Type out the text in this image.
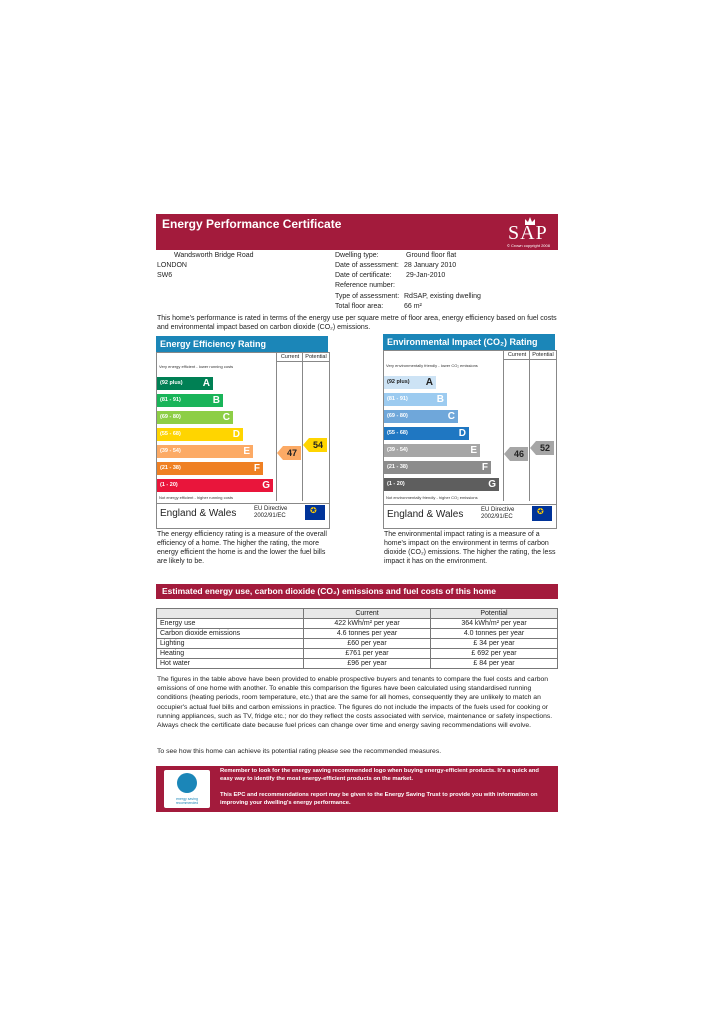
Energy Performance Certificate	SAP
© Crown copyright 2008
Wandsworth Bridge Road
LONDON
SW6
Dwelling type:	Ground floor flat
Date of assessment: 28 January 2010
Date of certificate: 29-Jan-2010
Reference number:
Type of assessment: RdSAP, existing dwelling
Total floor area:	66 m²
This home's performance is rated in terms of the energy use per square metre of floor area, energy efficiency based on fuel costs and environmental impact based on carbon dioxide (CO₂) emissions.
Energy Efficiency Rating
Current	Potential
Very energy efficient - lower running costs
(92 plus) A
(81 - 91)	B
(69 - 80)	C
(55 - 68)	D
(39 - 54)	E
(21 - 38)	F
(1 - 20)	G
Not energy efficient - higher running costs
47
54
England & Wales	EU Directive 2002/91/EC
✪
The energy efficiency rating is a measure of the overall efficiency of a home. The higher the rating, the more energy efficient the home is and the lower the fuel bills are likely to be.
Environmental Impact (CO₂) Rating
Current	Potential
Very environmentally friendly - lower CO₂ emissions
(92 plus) A
(81 - 91)	B
(69 - 80)	C
(55 - 68)	D
(39 - 54)	E
(21 - 38)	F
(1 - 20)	G
Not environmentally friendly - higher CO₂ emissions
46
52
England & Wales	EU Directive 2002/91/EC
✪
The environmental impact rating is a measure of a home's impact on the environment in terms of carbon dioxide (CO₂) emissions. The higher the rating, the less impact it has on the environment.
Estimated energy use, carbon dioxide (CO₂) emissions and fuel costs of this home
	Current	Potential
Energy use	422 kWh/m² per year	364 kWh/m² per year
Carbon dioxide emissions	4.6 tonnes per year	4.0 tonnes per year
Lighting	£60 per year	£ 34 per year
Heating	£761 per year	£ 692 per year
Hot water	£96 per year	£ 84 per year
The figures in the table above have been provided to enable prospective buyers and tenants to compare the fuel costs and carbon emissions of one home with another. To enable this comparison the figures have been calculated using standardised running conditions (heating periods, room temperature, etc.) that are the same for all homes, consequently they are unlikely to match an occupier's actual fuel bills and carbon emissions in practice. The figures do not include the impacts of the fuels used for cooking or running appliances, such as TV, fridge etc.; nor do they reflect the costs associated with service, maintenance or safety inspections. Always check the certificate date because fuel prices can change over time and energy saving recommendations will evolve.
To see how this home can achieve its potential rating please see the recommended measures.
energy saving recommended
Remember to look for the energy saving recommended logo when buying energy-efficient products. It's a quick and easy way to identify the most energy-efficient products on the market.
This EPC and recommendations report may be given to the Energy Saving Trust to provide you with information on improving your dwelling's energy performance.
